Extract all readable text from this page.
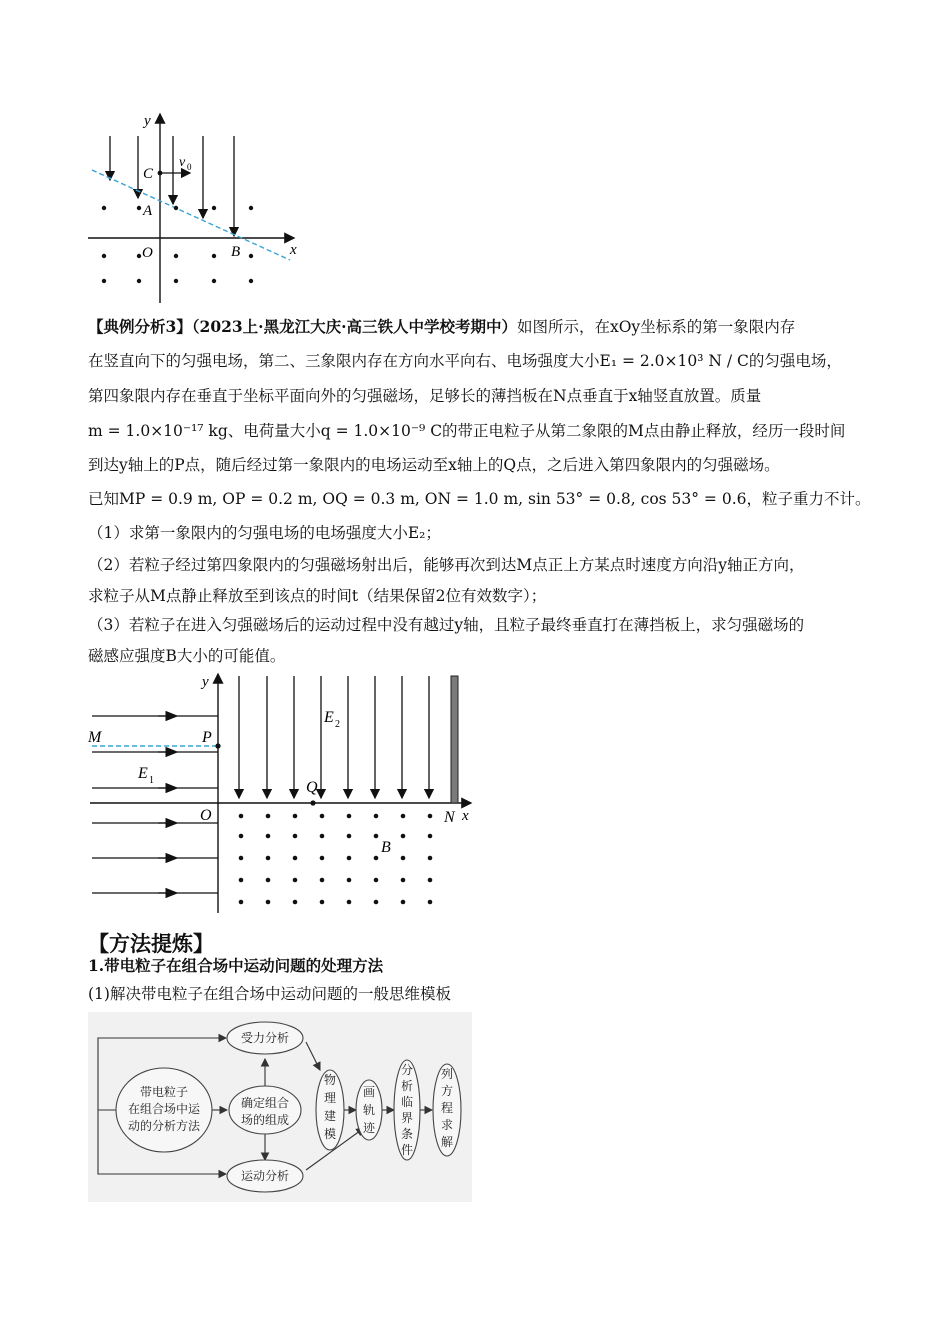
y
x
C
v 0
A
O	B
【典例分析3】（2023上·黑龙江大庆·高三铁人中学校考期中）如图所示，在xOy坐标系的第一象限内存
在竖直向下的匀强电场，第二、三象限内存在方向水平向右、电场强度大小E₁ = 2.0×10³ N / C的匀强电场，
第四象限内存在垂直于坐标平面向外的匀强磁场，足够长的薄挡板在N点垂直于x轴竖直放置。质量
m = 1.0×10⁻¹⁷ kg、电荷量大小q = 1.0×10⁻⁹ C的带正电粒子从第二象限的M点由静止释放，经历一段时间
到达y轴上的P点，随后经过第一象限内的电场运动至x轴上的Q点，之后进入第四象限内的匀强磁场。
已知MP = 0.9 m, OP = 0.2 m, OQ = 0.3 m, ON = 1.0 m, sin 53° = 0.8, cos 53° = 0.6，粒子重力不计。
（1）求第一象限内的匀强电场的电场强度大小E₂；
（2）若粒子经过第四象限内的匀强磁场射出后，能够再次到达M点正上方某点时速度方向沿y轴正方向，
求粒子从M点静止释放至到该点的时间t（结果保留2位有效数字）；
（3）若粒子在进入匀强磁场后的运动过程中没有越过y轴，且粒子最终垂直打在薄挡板上，求匀强磁场的
磁感应强度B大小的可能值。
y
x
M	P
E 2
E 1	Q
O	N
B
【方法提炼】
1.带电粒子在组合场中运动问题的处理方法
(1)解决带电粒子在组合场中运动问题的一般思维模板
带电粒子
在组合场中运
动的分析方法
确定组合
场的组成
受力分析
运动分析
物
理
建
模
画
轨
迹
分
析
临
界
条
件
列
方
程
求
解
